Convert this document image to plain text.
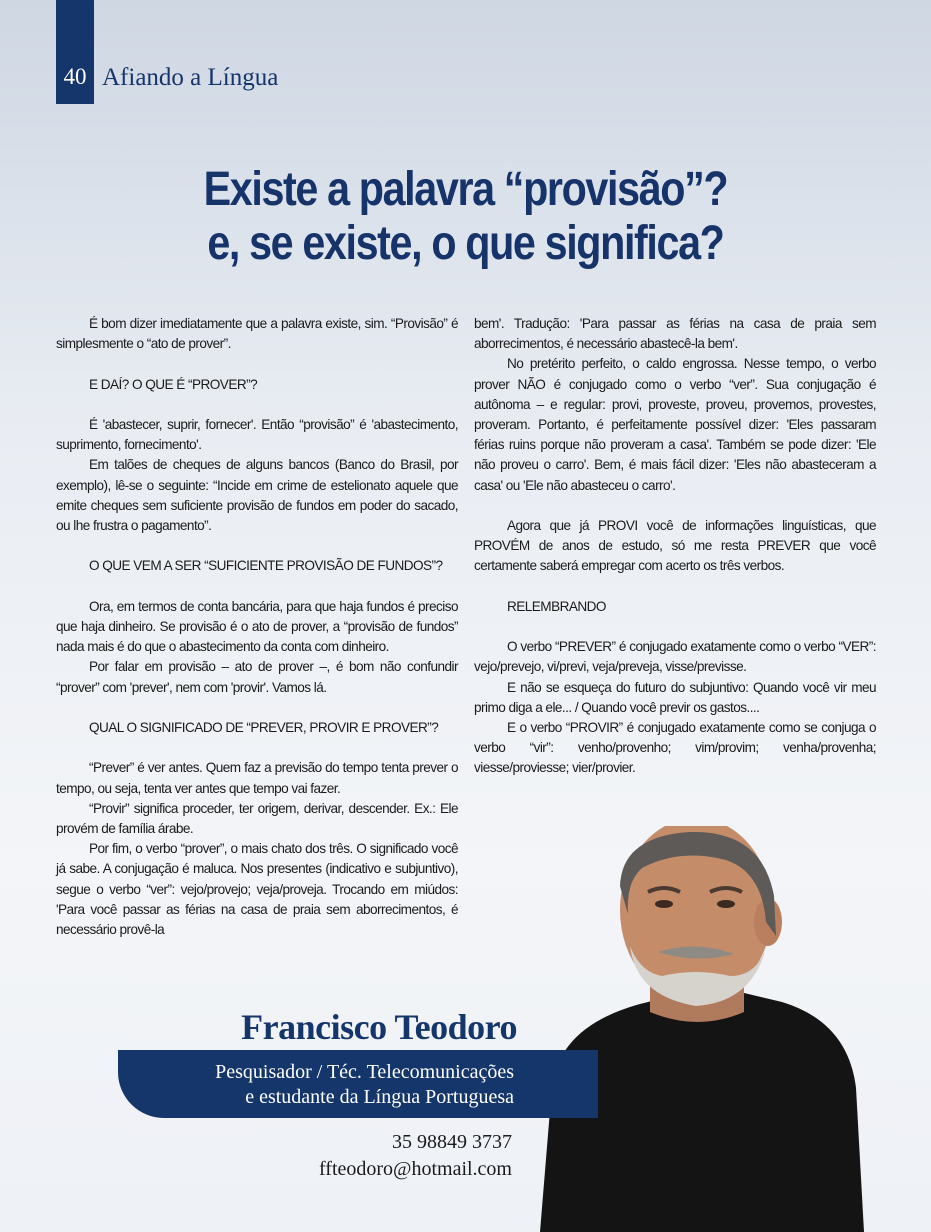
40 Afiando a Língua
Existe a palavra “provisão”?
e, se existe, o que significa?

É bom dizer imediatamente que a palavra existe, sim. “Provisão” é simplesmente o “ato de prover”.

E DAÍ? O QUE É “PROVER”?

É 'abastecer, suprir, fornecer'. Então “provisão” é 'abastecimento, suprimento, fornecimento'.

Em talões de cheques de alguns bancos (Banco do Brasil, por exemplo), lê-se o seguinte: “Incide em crime de estelionato aquele que emite cheques sem suficiente provisão de fundos em poder do sacado, ou lhe frustra o pagamento”.

O QUE VEM A SER “SUFICIENTE PROVISÃO DE FUNDOS”?

Ora, em termos de conta bancária, para que haja fundos é preciso que haja dinheiro. Se provisão é o ato de prover, a “provisão de fundos” nada mais é do que o abastecimento da conta com dinheiro.

Por falar em provisão – ato de prover –, é bom não confundir “prover” com 'prever', nem com 'provir'. Vamos lá.

QUAL O SIGNIFICADO DE “PREVER, PROVIR E PROVER”?

“Prever” é ver antes. Quem faz a previsão do tempo tenta prever o tempo, ou seja, tenta ver antes que tempo vai fazer.

“Provir” significa proceder, ter origem, derivar, descender. Ex.: Ele provém de família árabe.

Por fim, o verbo “prover”, o mais chato dos três. O significado você já sabe. A conjugação é maluca. Nos presentes (indicativo e subjuntivo), segue o verbo “ver”: vejo/provejo; veja/proveja. Trocando em miúdos: 'Para você passar as férias na casa de praia sem aborrecimentos, é necessário provê-la

bem'. Tradução: 'Para passar as férias na casa de praia sem aborrecimentos, é necessário abastecê-la bem'.

No pretérito perfeito, o caldo engrossa. Nesse tempo, o verbo prover NÃO é conjugado como o verbo “ver”. Sua conjugação é autônoma – e regular: provi, proveste, proveu, provemos, provestes, proveram. Portanto, é perfeitamente possível dizer: 'Eles passaram férias ruins porque não proveram a casa'. Também se pode dizer: 'Ele não proveu o carro'. Bem, é mais fácil dizer: 'Eles não abasteceram a casa' ou 'Ele não abasteceu o carro'.

Agora que já PROVI você de informações linguísticas, que PROVÉM de anos de estudo, só me resta PREVER que você certamente saberá empregar com acerto os três verbos.

RELEMBRANDO

O verbo “PREVER” é conjugado exatamente como o verbo “VER”: vejo/prevejo, vi/previ, veja/preveja, visse/previsse.

E não se esqueça do futuro do subjuntivo: Quando você vir meu primo diga a ele... / Quando você previr os gastos....

E o verbo “PROVIR” é conjugado exatamente como se conjuga o verbo “vir”: venho/provenho; vim/provim; venha/provenha; viesse/proviesse; vier/provier.

Francisco Teodoro
Pesquisador / Téc. Telecomunicações
e estudante da Língua Portuguesa
35 98849 3737
ffteodoro@hotmail.com
